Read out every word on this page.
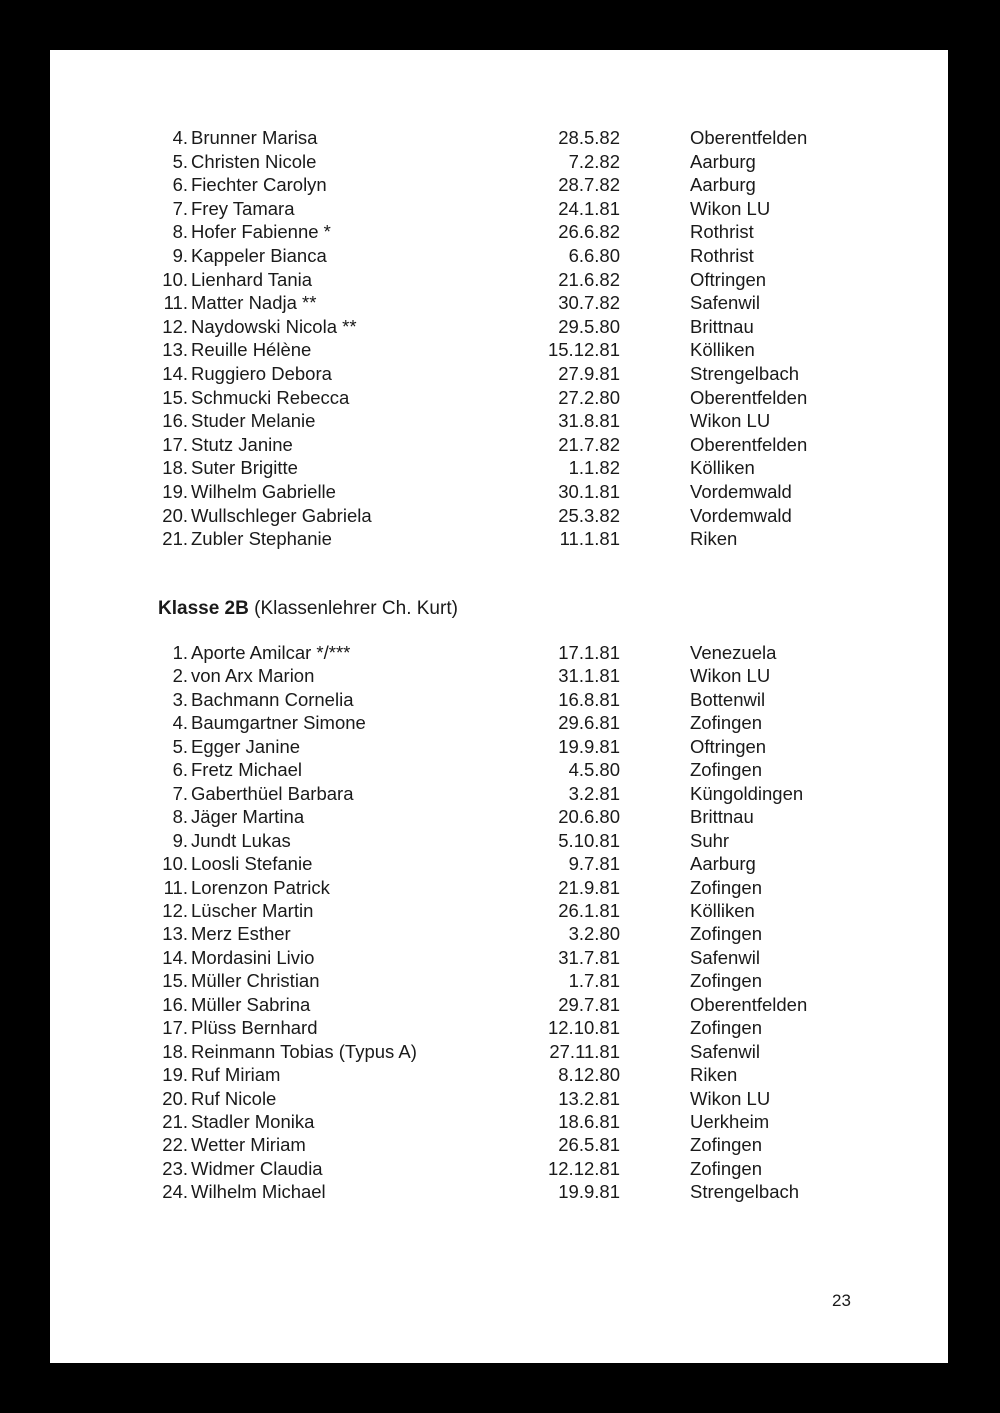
4. Brunner Marisa	28.5.82	Oberentfelden
5. Christen Nicole	7.2.82	Aarburg
6. Fiechter Carolyn	28.7.82	Aarburg
7. Frey Tamara	24.1.81	Wikon LU
8. Hofer Fabienne *	26.6.82	Rothrist
9. Kappeler Bianca	6.6.80	Rothrist
10. Lienhard Tania	21.6.82	Oftringen
11. Matter Nadja **	30.7.82	Safenwil
12. Naydowski Nicola **	29.5.80	Brittnau
13. Reuille Hélène	15.12.81	Kölliken
14. Ruggiero Debora	27.9.81	Strengelbach
15. Schmucki Rebecca	27.2.80	Oberentfelden
16. Studer Melanie	31.8.81	Wikon LU
17. Stutz Janine	21.7.82	Oberentfelden
18. Suter Brigitte	1.1.82	Kölliken
19. Wilhelm Gabrielle	30.1.81	Vordemwald
20. Wullschleger Gabriela	25.3.82	Vordemwald
21. Zubler Stephanie	11.1.81	Riken
Klasse 2B (Klassenlehrer Ch. Kurt)
1. Aporte Amilcar */***	17.1.81	Venezuela
2. von Arx Marion	31.1.81	Wikon LU
3. Bachmann Cornelia	16.8.81	Bottenwil
4. Baumgartner Simone	29.6.81	Zofingen
5. Egger Janine	19.9.81	Oftringen
6. Fretz Michael	4.5.80	Zofingen
7. Gaberthüel Barbara	3.2.81	Küngoldingen
8. Jäger Martina	20.6.80	Brittnau
9. Jundt Lukas	5.10.81	Suhr
10. Loosli Stefanie	9.7.81	Aarburg
11. Lorenzon Patrick	21.9.81	Zofingen
12. Lüscher Martin	26.1.81	Kölliken
13. Merz Esther	3.2.80	Zofingen
14. Mordasini Livio	31.7.81	Safenwil
15. Müller Christian	1.7.81	Zofingen
16. Müller Sabrina	29.7.81	Oberentfelden
17. Plüss Bernhard	12.10.81	Zofingen
18. Reinmann Tobias (Typus A)	27.11.81	Safenwil
19. Ruf Miriam	8.12.80	Riken
20. Ruf Nicole	13.2.81	Wikon LU
21. Stadler Monika	18.6.81	Uerkheim
22. Wetter Miriam	26.5.81	Zofingen
23. Widmer Claudia	12.12.81	Zofingen
24. Wilhelm Michael	19.9.81	Strengelbach
23
